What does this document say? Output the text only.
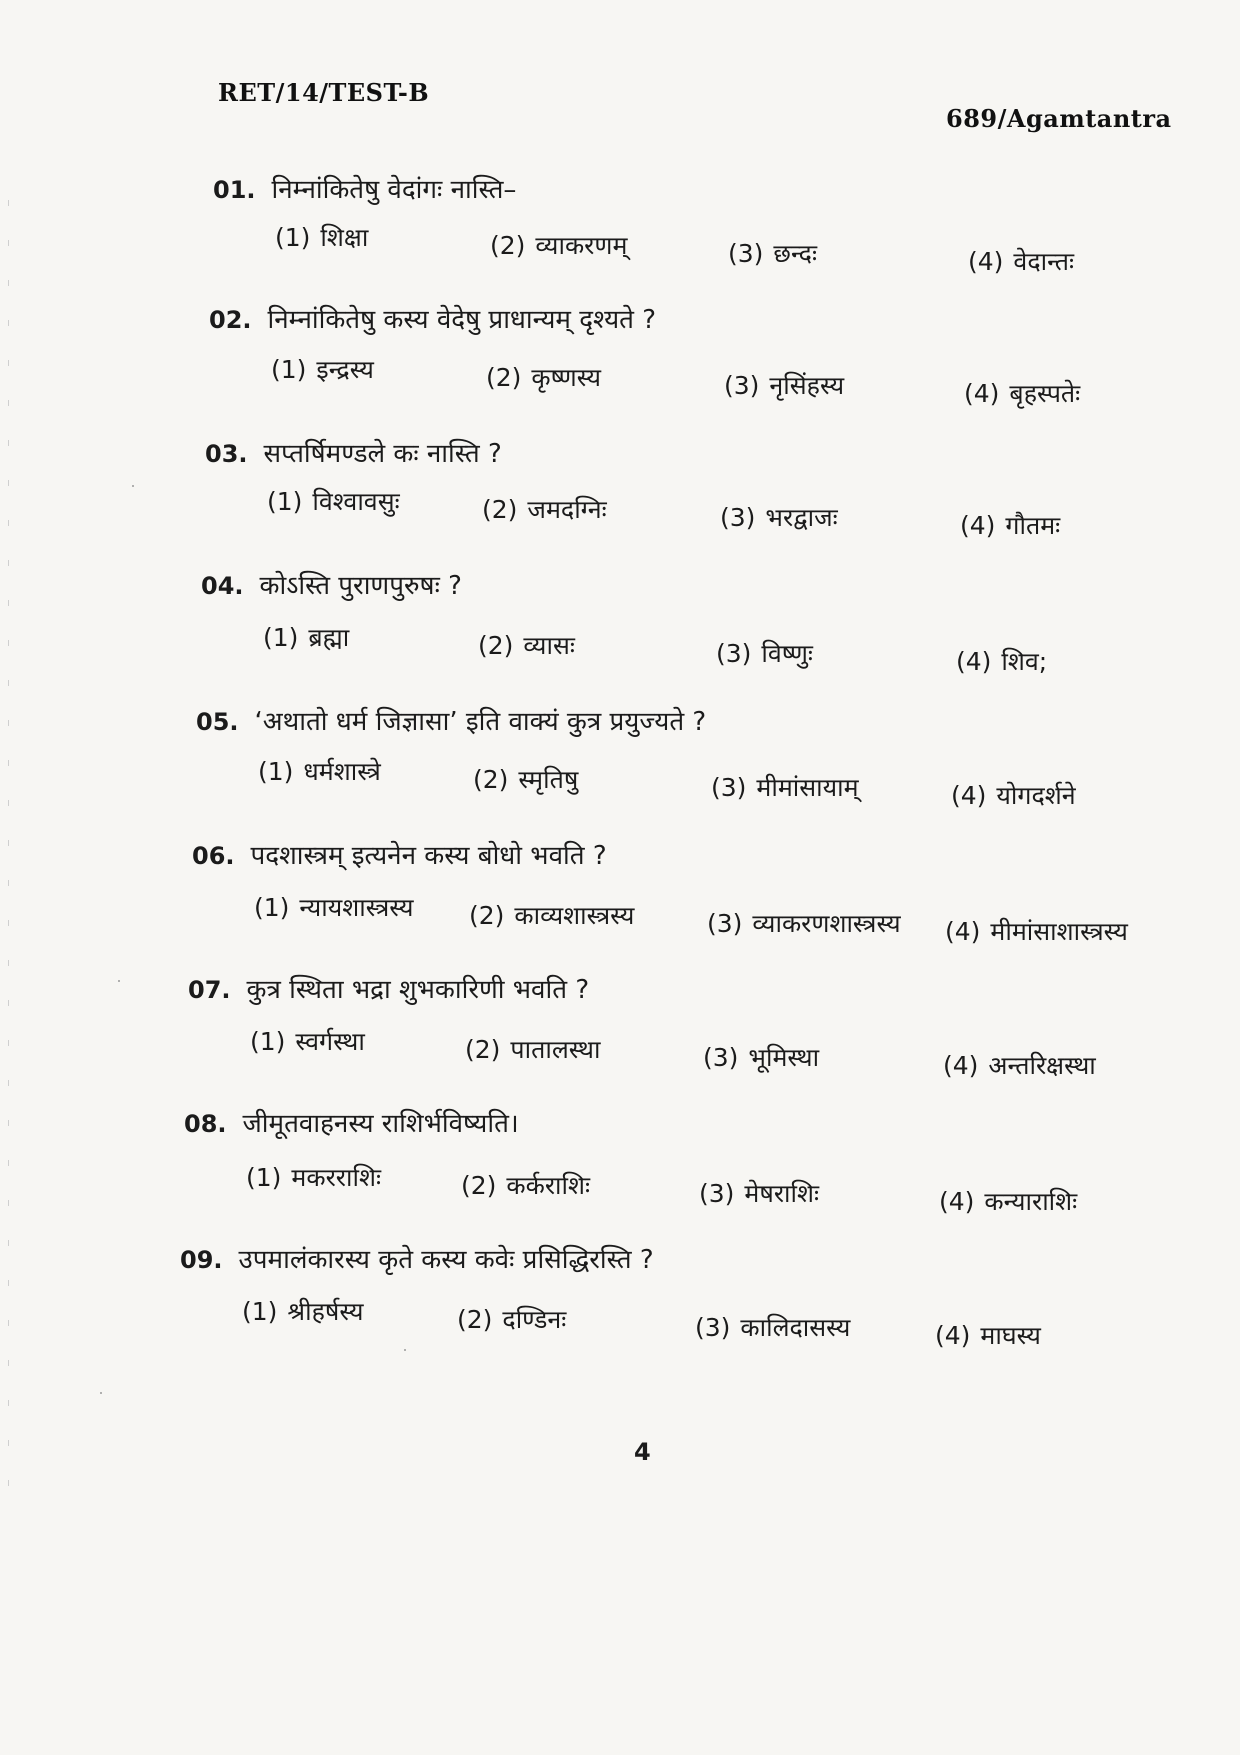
RET/14/TEST-B
689/Agamtantra
01. निम्नांकितेषु वेदांगः नास्ति–
(1) शिक्षा	(2) व्याकरणम्	(3) छन्दः	(4) वेदान्तः
02. निम्नांकितेषु कस्य वेदेषु प्राधान्यम् दृश्यते ?
(1) इन्द्रस्य	(2) कृष्णस्य	(3) नृसिंहस्य	(4) बृहस्पतेः
03. सप्तर्षिमण्डले कः नास्ति ?
(1) विश्वावसुः	(2) जमदग्निः	(3) भरद्वाजः	(4) गौतमः
04. कोऽस्ति पुराणपुरुषः ?
(1) ब्रह्मा	(2) व्यासः	(3) विष्णुः	(4) शिव;
05. ‘अथातो धर्म जिज्ञासा’ इति वाक्यं कुत्र प्रयुज्यते ?
(1) धर्मशास्त्रे	(2) स्मृतिषु	(3) मीमांसायाम्	(4) योगदर्शने
06. पदशास्त्रम् इत्यनेन कस्य बोधो भवति ?
(1) न्यायशास्त्रस्य (2) काव्यशास्त्रस्य	(3) व्याकरणशास्त्रस्य (4) मीमांसाशास्त्रस्य
07. कुत्र स्थिता भद्रा शुभकारिणी भवति ?
(1) स्वर्गस्था	(2) पातालस्था	(3) भूमिस्था	(4) अन्तरिक्षस्था
08. जीमूतवाहनस्य राशिर्भविष्यति।
(1) मकरराशिः	(2) कर्कराशिः	(3) मेषराशिः	(4) कन्याराशिः
09. उपमालंकारस्य कृते कस्य कवेः प्रसिद्धिरस्ति ?
(1) श्रीहर्षस्य	(2) दण्डिनः	(3) कालिदासस्य	(4) माघस्य
4
